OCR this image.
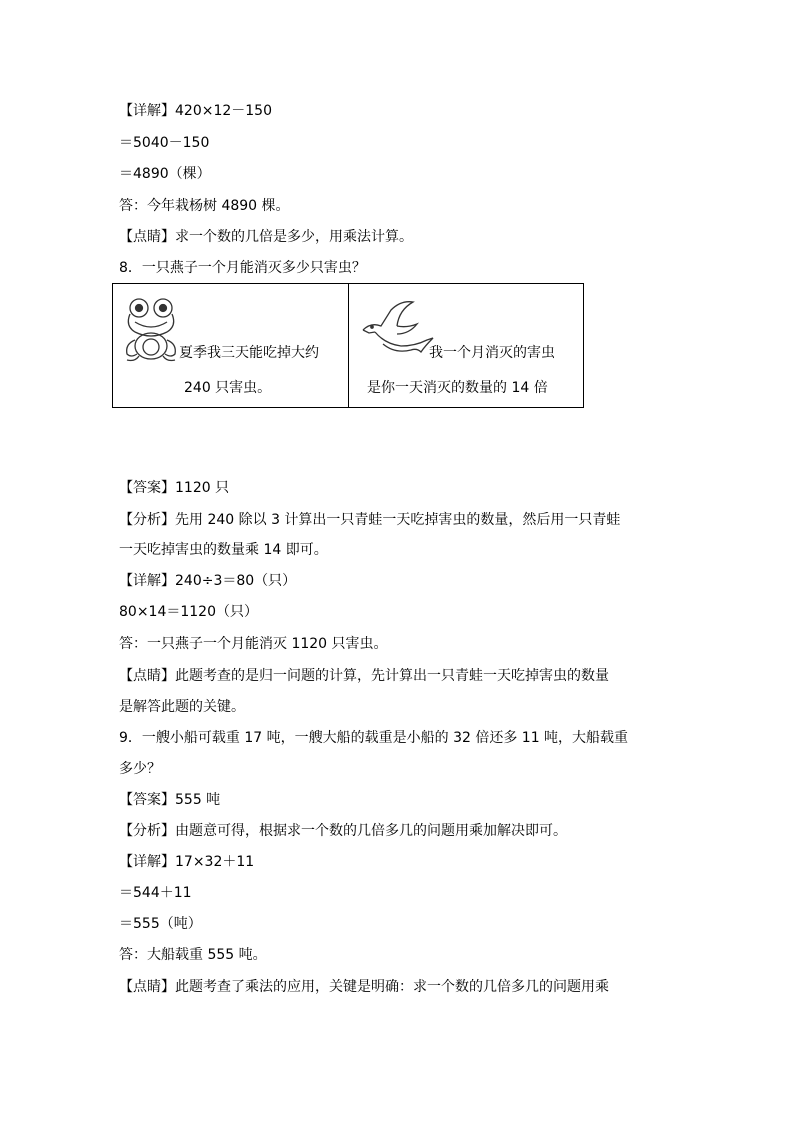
【详解】420×12－150
＝5040－150
＝4890（棵）
答：今年栽杨树 4890 棵。
【点睛】求一个数的几倍是多少，用乘法计算。
8．一只燕子一个月能消灭多少只害虫？
夏季我三天能吃掉大约
240 只害虫。
我一个月消灭的害虫
是你一天消灭的数量的 14 倍
【答案】1120 只
【分析】先用 240 除以 3 计算出一只青蛙一天吃掉害虫的数量，然后用一只青蛙
一天吃掉害虫的数量乘 14 即可。
【详解】240÷3＝80（只）
80×14＝1120（只）
答：一只燕子一个月能消灭 1120 只害虫。
【点睛】此题考查的是归一问题的计算，先计算出一只青蛙一天吃掉害虫的数量
是解答此题的关键。
9．一艘小船可载重 17 吨，一艘大船的载重是小船的 32 倍还多 11 吨，大船载重
多少？
【答案】555 吨
【分析】由题意可得，根据求一个数的几倍多几的问题用乘加解决即可。
【详解】17×32＋11
＝544＋11
＝555（吨）
答：大船载重 555 吨。
【点睛】此题考查了乘法的应用，关键是明确：求一个数的几倍多几的问题用乘
